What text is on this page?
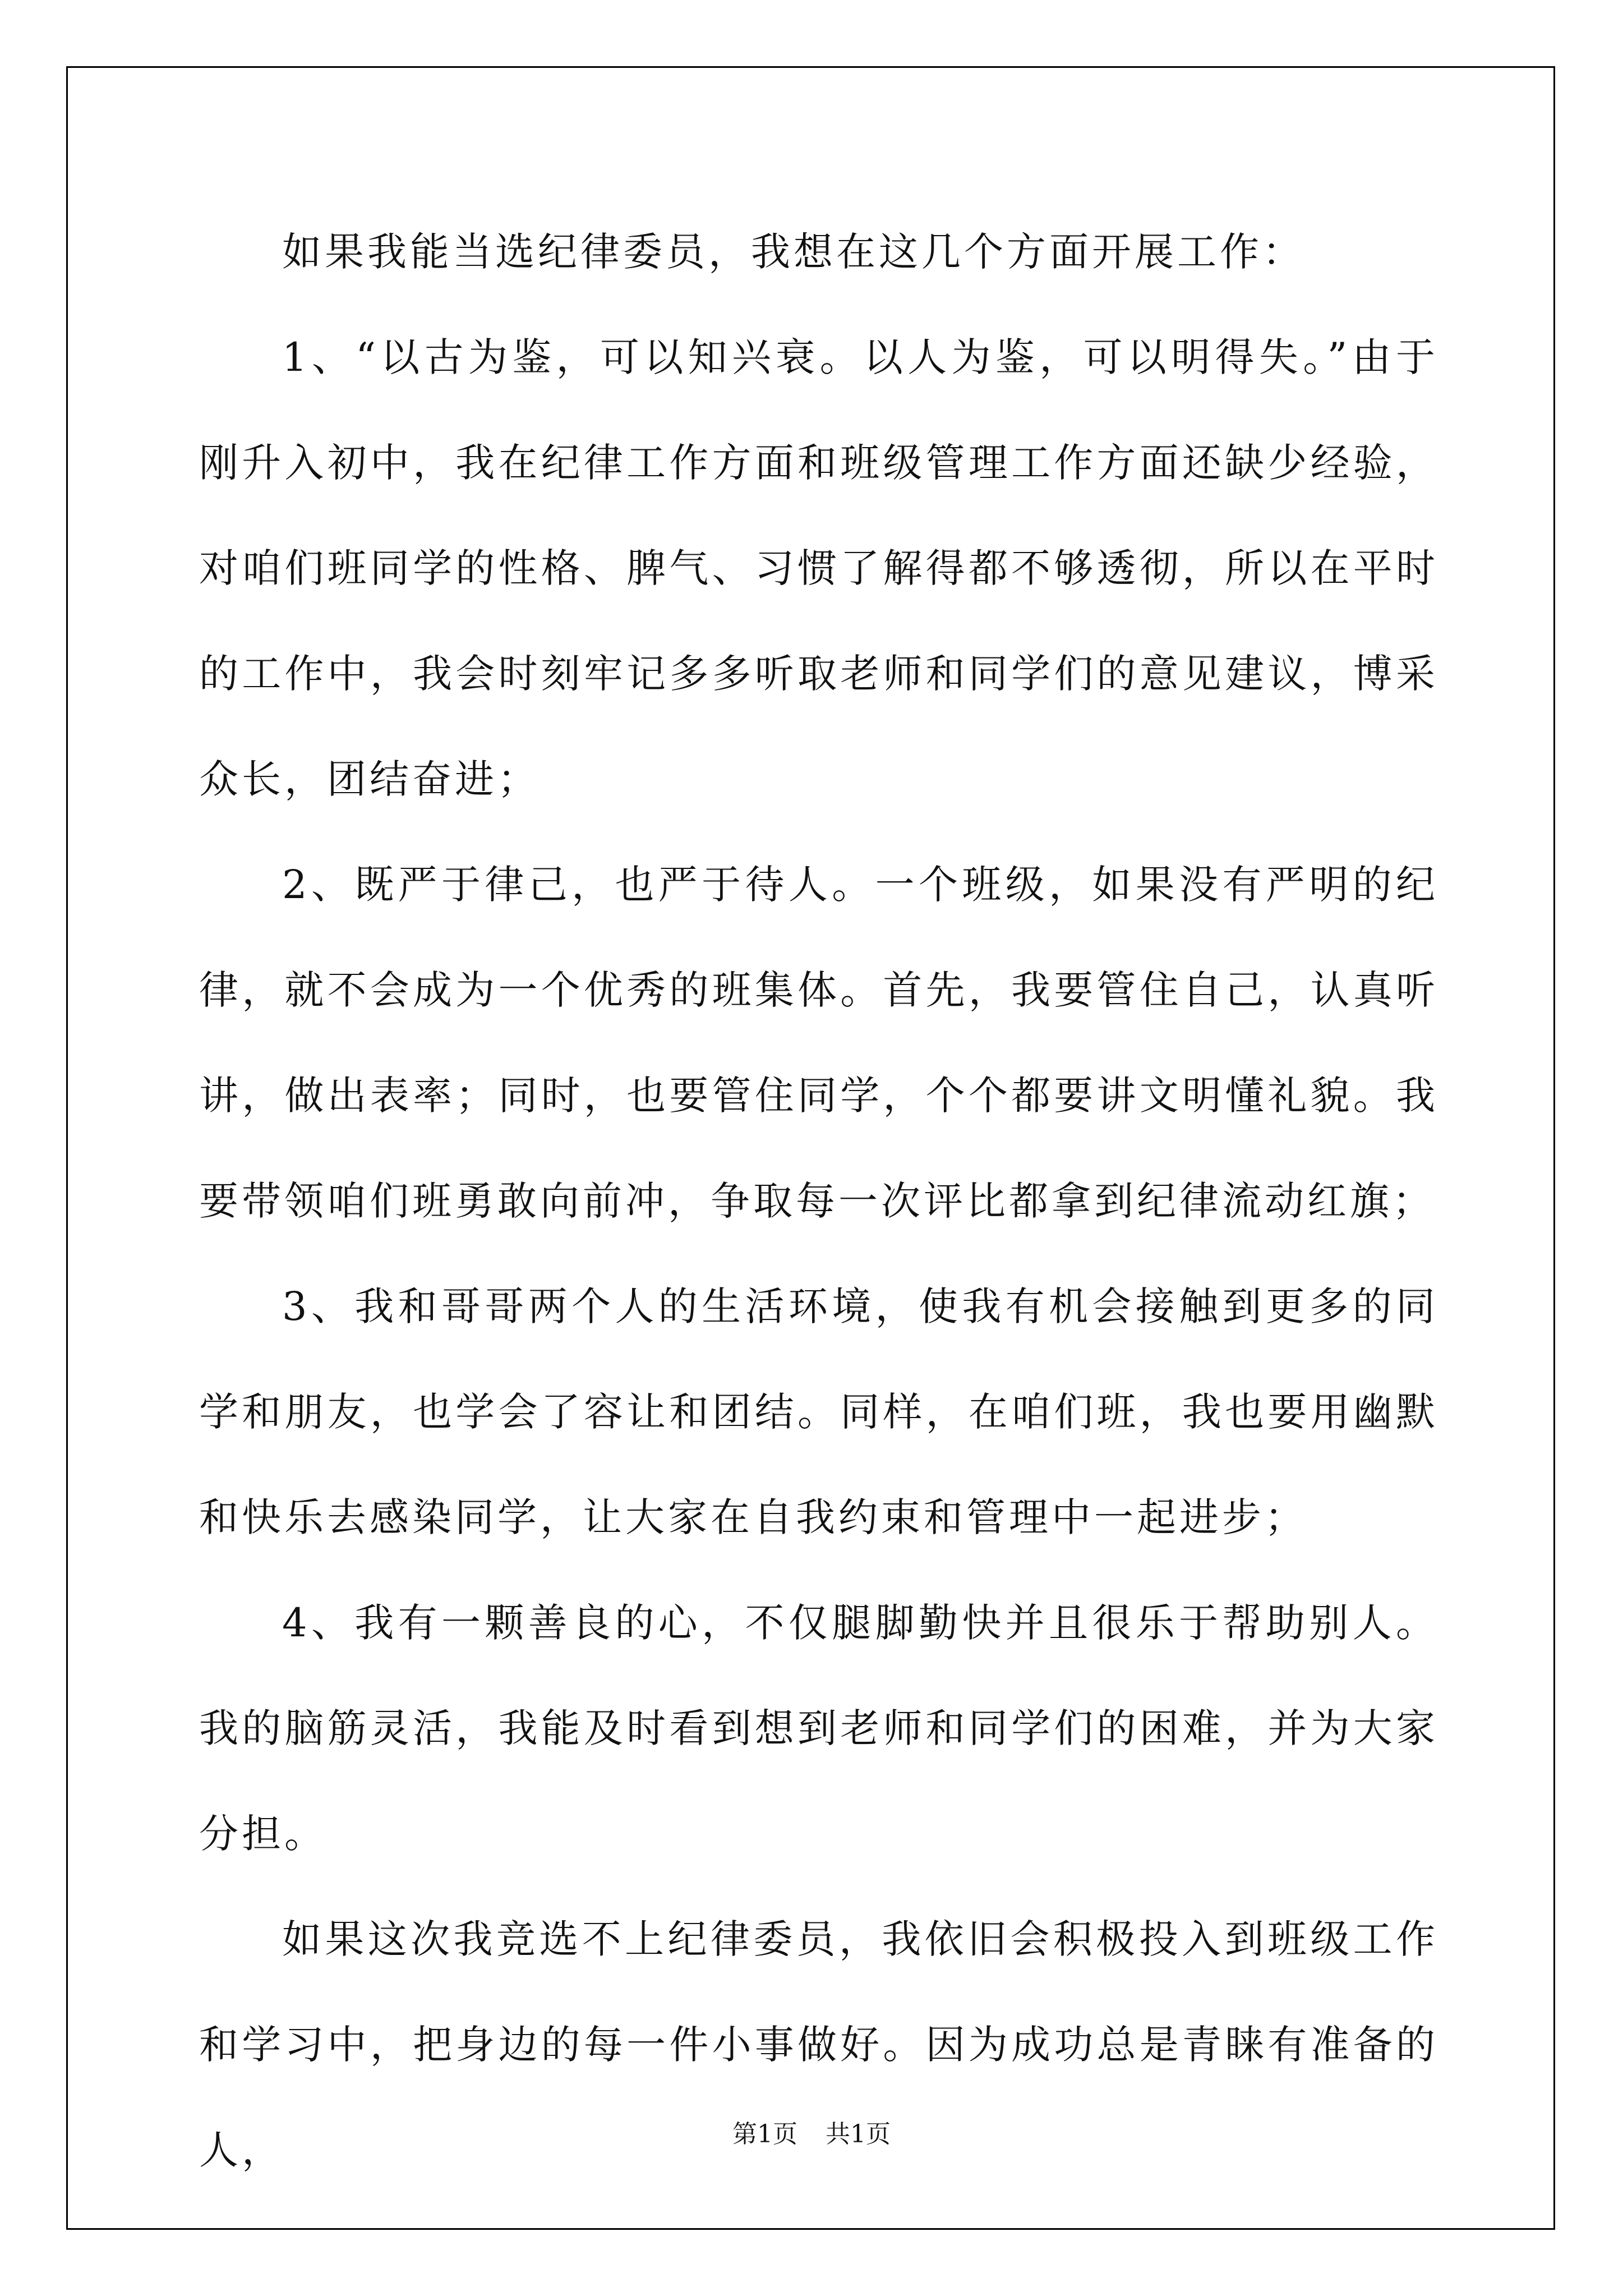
如果我能当选纪律委员，我想在这几个方面开展工作：

1、“以古为鉴，可以知兴衰。以人为鉴，可以明得失。”由于刚升入初中，我在纪律工作方面和班级管理工作方面还缺少经验，对咱们班同学的性格、脾气、习惯了解得都不够透彻，所以在平时的工作中，我会时刻牢记多多听取老师和同学们的意见建议，博采众长，团结奋进；

2、既严于律己，也严于待人。一个班级，如果没有严明的纪律，就不会成为一个优秀的班集体。首先，我要管住自己，认真听讲，做出表率；同时，也要管住同学，个个都要讲文明懂礼貌。我要带领咱们班勇敢向前冲，争取每一次评比都拿到纪律流动红旗；

3、我和哥哥两个人的生活环境，使我有机会接触到更多的同学和朋友，也学会了容让和团结。同样，在咱们班，我也要用幽默和快乐去感染同学，让大家在自我约束和管理中一起进步；

4、我有一颗善良的心，不仅腿脚勤快并且很乐于帮助别人。我的脑筋灵活，我能及时看到想到老师和同学们的困难，并为大家分担。

如果这次我竞选不上纪律委员，我依旧会积极投入到班级工作和学习中，把身边的每一件小事做好。因为成功总是青睐有准备的人，	第1页 共1页
